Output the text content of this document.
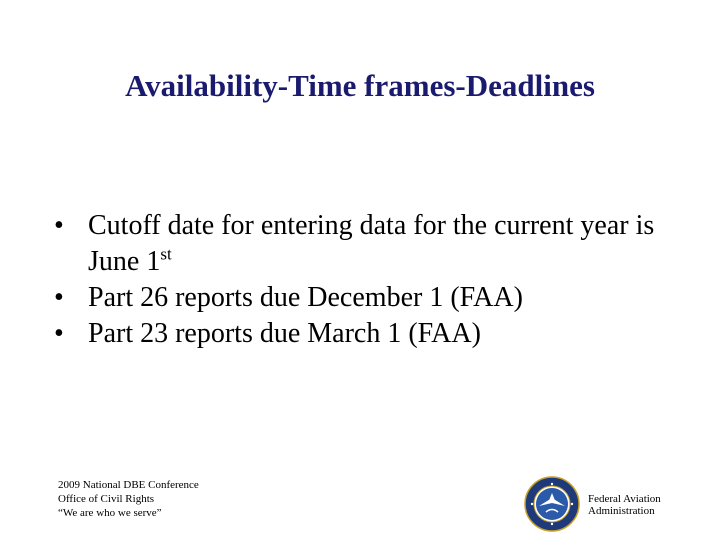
Availability-Time frames-Deadlines
• Cutoff date for entering data for the current year is June 1st
• Part 26 reports due December 1 (FAA)
• Part 23 reports due March 1 (FAA)
2009 National DBE Conference
Office of Civil Rights
“We are who we serve”
Federal Aviation
Administration
